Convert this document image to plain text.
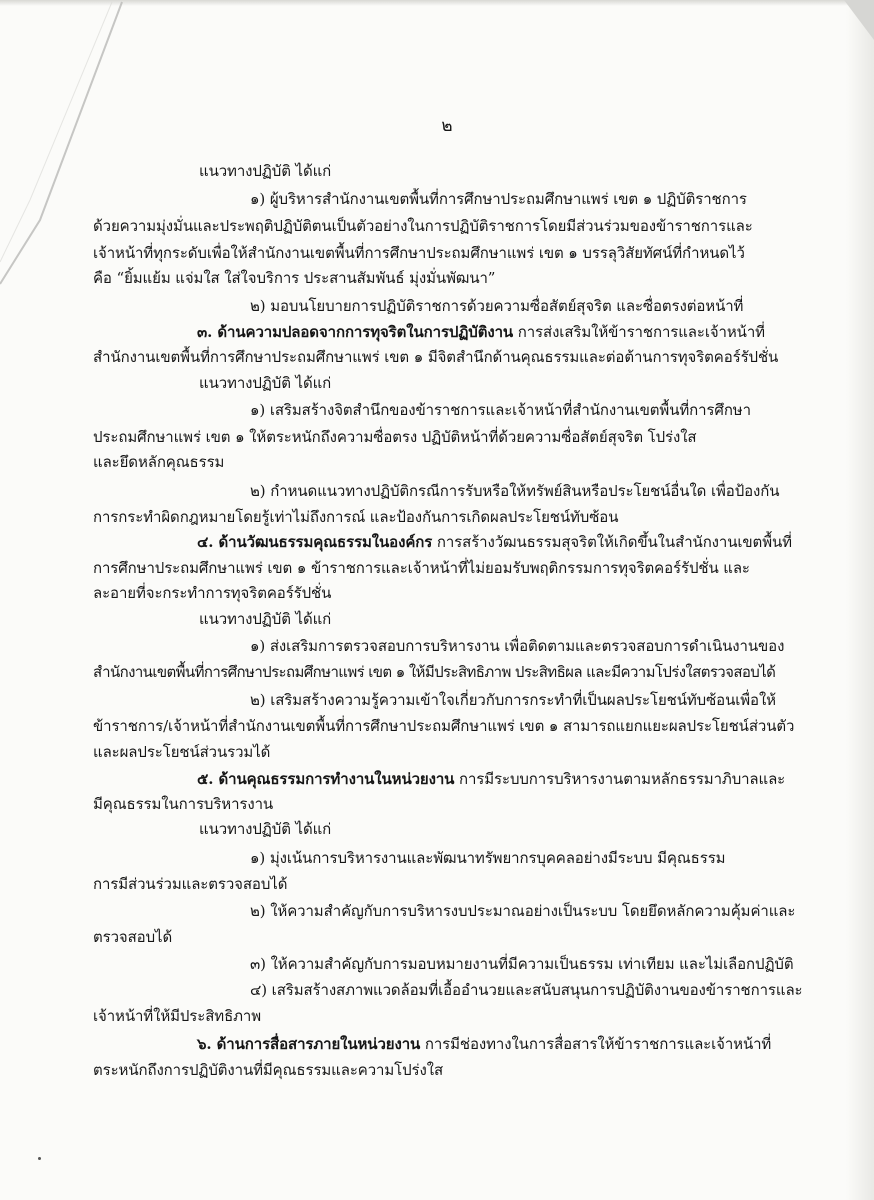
๒
แนวทางปฏิบัติ ได้แก่
๑) ผู้บริหารสำนักงานเขตพื้นที่การศึกษาประถมศึกษาแพร่ เขต ๑ ปฏิบัติราชการ
ด้วยความมุ่งมั่นและประพฤติปฏิบัติตนเป็นตัวอย่างในการปฏิบัติราชการโดยมีส่วนร่วมของข้าราชการและ
เจ้าหน้าที่ทุกระดับเพื่อให้สำนักงานเขตพื้นที่การศึกษาประถมศึกษาแพร่ เขต ๑ บรรลุวิสัยทัศน์ที่กำหนดไว้
คือ “ยิ้มแย้ม แจ่มใส ใส่ใจบริการ ประสานสัมพันธ์ มุ่งมั่นพัฒนา”
๒) มอบนโยบายการปฏิบัติราชการด้วยความซื่อสัตย์สุจริต และซื่อตรงต่อหน้าที่
๓. ด้านความปลอดจากการทุจริตในการปฏิบัติงาน การส่งเสริมให้ข้าราชการและเจ้าหน้าที่
สำนักงานเขตพื้นที่การศึกษาประถมศึกษาแพร่ เขต ๑ มีจิตสำนึกด้านคุณธรรมและต่อต้านการทุจริตคอร์รัปชั่น
แนวทางปฏิบัติ ได้แก่
๑) เสริมสร้างจิตสำนึกของข้าราชการและเจ้าหน้าที่สำนักงานเขตพื้นที่การศึกษา
ประถมศึกษาแพร่ เขต ๑ ให้ตระหนักถึงความซื่อตรง ปฏิบัติหน้าที่ด้วยความซื่อสัตย์สุจริต โปร่งใส
และยึดหลักคุณธรรม
๒) กำหนดแนวทางปฏิบัติกรณีการรับหรือให้ทรัพย์สินหรือประโยชน์อื่นใด เพื่อป้องกัน
การกระทำผิดกฎหมายโดยรู้เท่าไม่ถึงการณ์ และป้องกันการเกิดผลประโยชน์ทับซ้อน
๔. ด้านวัฒนธรรมคุณธรรมในองค์กร การสร้างวัฒนธรรมสุจริตให้เกิดขึ้นในสำนักงานเขตพื้นที่
การศึกษาประถมศึกษาแพร่ เขต ๑ ข้าราชการและเจ้าหน้าที่ไม่ยอมรับพฤติกรรมการทุจริตคอร์รัปชั่น และ
ละอายที่จะกระทำการทุจริตคอร์รัปชั่น
แนวทางปฏิบัติ ได้แก่
๑) ส่งเสริมการตรวจสอบการบริหารงาน เพื่อติดตามและตรวจสอบการดำเนินงานของ
สำนักงานเขตพื้นที่การศึกษาประถมศึกษาแพร่ เขต ๑ ให้มีประสิทธิภาพ ประสิทธิผล และมีความโปร่งใสตรวจสอบได้
๒) เสริมสร้างความรู้ความเข้าใจเกี่ยวกับการกระทำที่เป็นผลประโยชน์ทับซ้อนเพื่อให้
ข้าราชการ/เจ้าหน้าที่สำนักงานเขตพื้นที่การศึกษาประถมศึกษาแพร่ เขต ๑ สามารถแยกแยะผลประโยชน์ส่วนตัว
และผลประโยชน์ส่วนรวมได้
๕. ด้านคุณธรรมการทำงานในหน่วยงาน การมีระบบการบริหารงานตามหลักธรรมาภิบาลและ
มีคุณธรรมในการบริหารงาน
แนวทางปฏิบัติ ได้แก่
๑) มุ่งเน้นการบริหารงานและพัฒนาทรัพยากรบุคคลอย่างมีระบบ มีคุณธรรม
การมีส่วนร่วมและตรวจสอบได้
๒) ให้ความสำคัญกับการบริหารงบประมาณอย่างเป็นระบบ โดยยึดหลักความคุ้มค่าและ
ตรวจสอบได้
๓) ให้ความสำคัญกับการมอบหมายงานที่มีความเป็นธรรม เท่าเทียม และไม่เลือกปฏิบัติ
๔) เสริมสร้างสภาพแวดล้อมที่เอื้ออำนวยและสนับสนุนการปฏิบัติงานของข้าราชการและ
เจ้าหน้าที่ให้มีประสิทธิภาพ
๖. ด้านการสื่อสารภายในหน่วยงาน การมีช่องทางในการสื่อสารให้ข้าราชการและเจ้าหน้าที่
ตระหนักถึงการปฏิบัติงานที่มีคุณธรรมและความโปร่งใส
